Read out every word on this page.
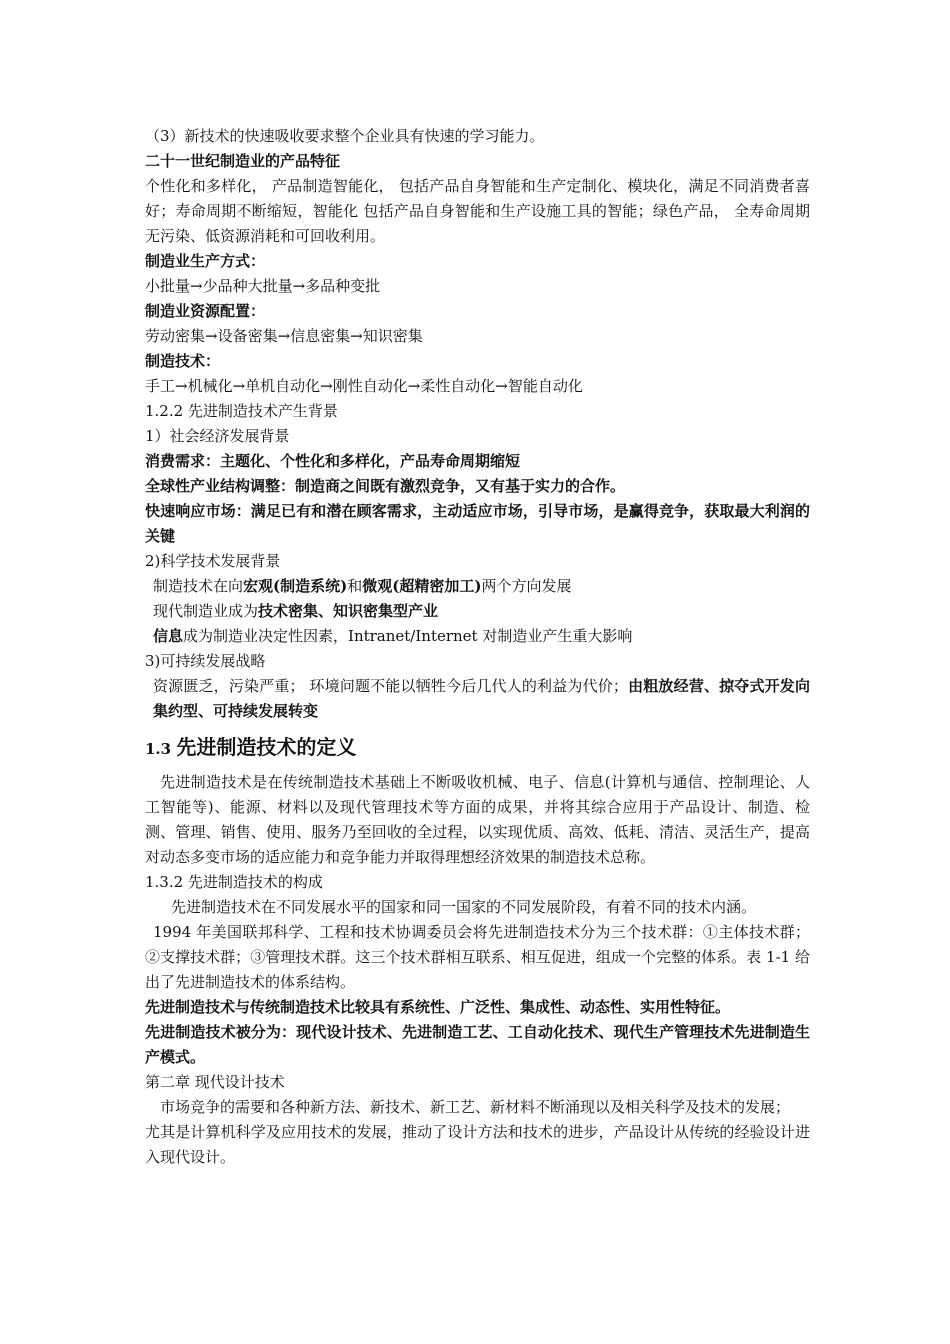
（3）新技术的快速吸收要求整个企业具有快速的学习能力。

二十一世纪制造业的产品特征

个性化和多样化， 产品制造智能化， 包括产品自身智能和生产定制化、模块化，满足不同消费者喜好；寿命周期不断缩短，智能化 包括产品自身智能和生产设施工具的智能；绿色产品， 全寿命周期无污染、低资源消耗和可回收利用。

制造业生产方式：

小批量→少品种大批量→多品种变批

制造业资源配置：

劳动密集→设备密集→信息密集→知识密集

制造技术：

手工→机械化→单机自动化→刚性自动化→柔性自动化→智能自动化

1.2.2 先进制造技术产生背景

1）社会经济发展背景

消费需求：主题化、个性化和多样化，产品寿命周期缩短

全球性产业结构调整：制造商之间既有激烈竞争，又有基于实力的合作。

快速响应市场：满足已有和潜在顾客需求，主动适应市场，引导市场，是赢得竞争，获取最大利润的关键

2)科学技术发展背景

制造技术在向宏观(制造系统)和微观(超精密加工)两个方向发展

现代制造业成为技术密集、知识密集型产业

信息成为制造业决定性因素，Intranet/Internet 对制造业产生重大影响

3)可持续发展战略

资源匮乏，污染严重； 环境问题不能以牺牲今后几代人的利益为代价；由粗放经营、掠夺式开发向集约型、可持续发展转变

1.3 先进制造技术的定义

先进制造技术是在传统制造技术基础上不断吸收机械、电子、信息(计算机与通信、控制理论、人工智能等)、能源、材料以及现代管理技术等方面的成果，并将其综合应用于产品设计、制造、检测、管理、销售、使用、服务乃至回收的全过程，以实现优质、高效、低耗、清洁、灵活生产，提高对动态多变市场的适应能力和竞争能力并取得理想经济效果的制造技术总称。

1.3.2 先进制造技术的构成

先进制造技术在不同发展水平的国家和同一国家的不同发展阶段，有着不同的技术内涵。

1994 年美国联邦科学、工程和技术协调委员会将先进制造技术分为三个技术群：①主体技术群；②支撑技术群；③管理技术群。这三个技术群相互联系、相互促进，组成一个完整的体系。表 1-1 给出了先进制造技术的体系结构。

先进制造技术与传统制造技术比较具有系统性、广泛性、集成性、动态性、实用性特征。

先进制造技术被分为：现代设计技术、先进制造工艺、工自动化技术、现代生产管理技术先进制造生产模式。

第二章 现代设计技术

市场竞争的需要和各种新方法、新技术、新工艺、新材料不断涌现以及相关科学及技术的发展；

尤其是计算机科学及应用技术的发展，推动了设计方法和技术的进步，产品设计从传统的经验设计进入现代设计。
